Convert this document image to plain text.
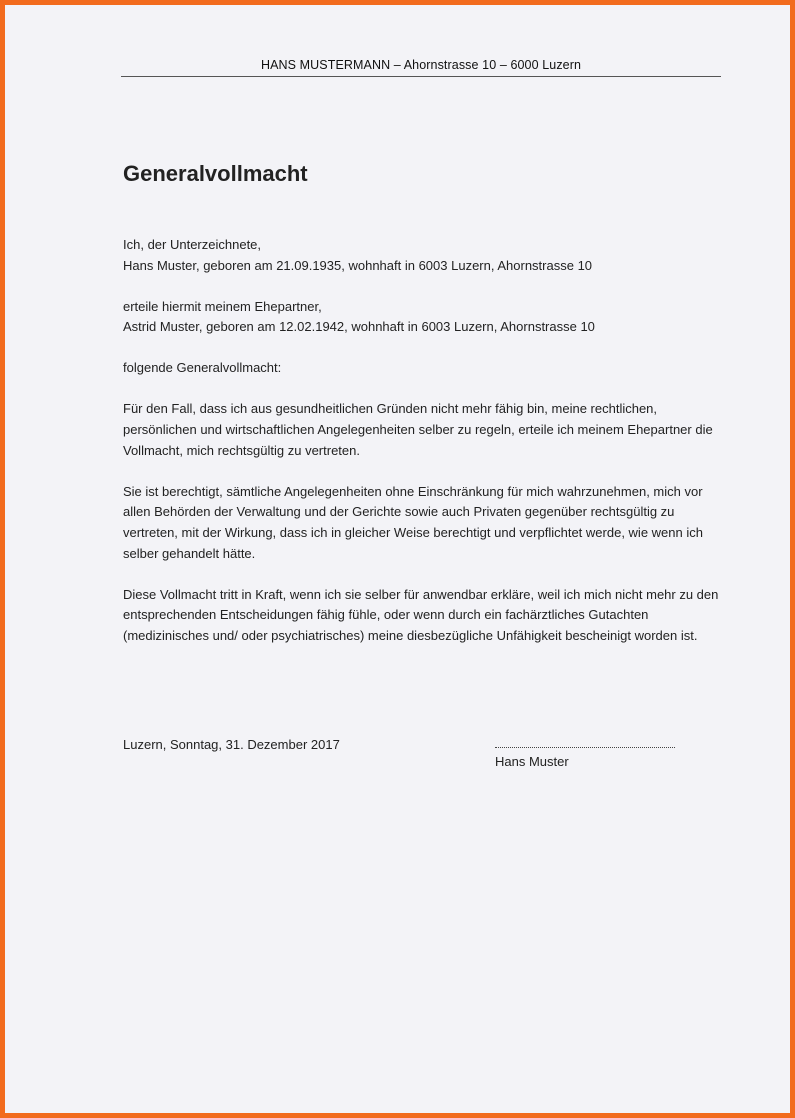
HANS MUSTERMANN – Ahornstrasse 10 – 6000 Luzern
Generalvollmacht

Ich, der Unterzeichnete,
Hans Muster, geboren am 21.09.1935, wohnhaft in 6003 Luzern, Ahornstrasse 10

erteile hiermit meinem Ehepartner,
Astrid Muster, geboren am 12.02.1942, wohnhaft in 6003 Luzern, Ahornstrasse 10

folgende Generalvollmacht:

Für den Fall, dass ich aus gesundheitlichen Gründen nicht mehr fähig bin, meine rechtlichen, persönlichen und wirtschaftlichen Angelegenheiten selber zu regeln, erteile ich meinem Ehepartner die Vollmacht, mich rechtsgültig zu vertreten.

Sie ist berechtigt, sämtliche Angelegenheiten ohne Einschränkung für mich wahrzunehmen, mich vor allen Behörden der Verwaltung und der Gerichte sowie auch Privaten gegenüber rechtsgültig zu vertreten, mit der Wirkung, dass ich in gleicher Weise berechtigt und verpflichtet werde, wie wenn ich selber gehandelt hätte.

Diese Vollmacht tritt in Kraft, wenn ich sie selber für anwendbar erkläre, weil ich mich nicht mehr zu den entsprechenden Entscheidungen fähig fühle, oder wenn durch ein fachärztliches Gutachten (medizinisches und/ oder psychiatrisches) meine diesbezügliche Unfähigkeit bescheinigt worden ist.

Luzern, Sonntag, 31. Dezember 2017
Hans Muster
